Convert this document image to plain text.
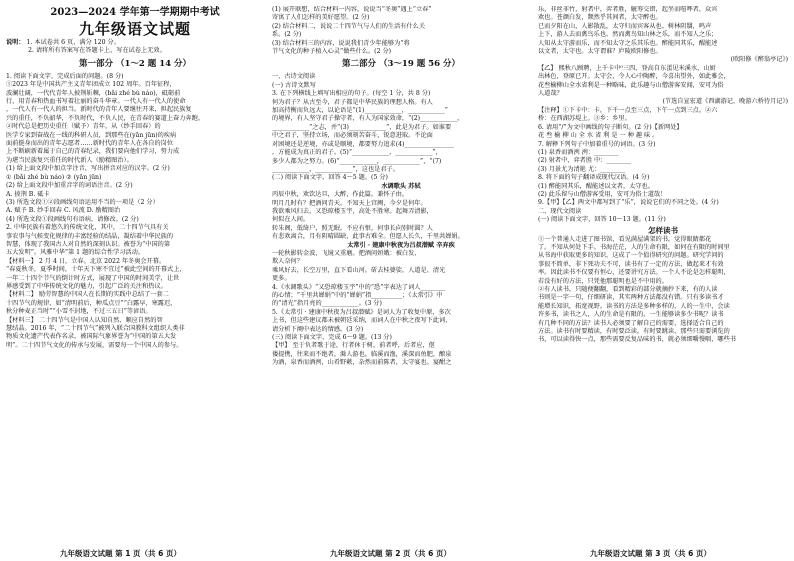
2023—2024 学年第一学期期中考试
九年级语文试题
说明： 1. 本试卷共 6 页，满分 120 分。
2. 请将所有答案写在答题卡上，写在试卷上无效。
第一部分 （1～2 题 14 分）
1. 阅读下面文字，完成后面的问题。(8 分)
①2023 年是中国共产主义青年团成立 102 周年。百年征程，
波澜壮阔，一代代青年人披荆斩棘，(bǎi zhé bù náo)，砥砺前
行，用青春和热血书写着壮丽的奋斗华章。一代人有一代人的使命
，一代人有一代人的担当。新时代的青年人要继往开来，担起民族复
兴的重任，不负韶华，不负时代，不负人民，在青春的赛道上奋力奔跑。
②时代总是把历史重任（赋予）青年，从（纱手回春）的
医学专家到奋战在一线的科研人员，到那些在(yān jūn)的疾病
面前挺身而出的青年志愿者……新时代的青年人在各自的岗位
上不断刷新着属于自己的青春纪录，我们要向他们学习，努力成
为堪当民族复兴重任的时代新人（励精图治）。
(1) 给上面文段中加点字注音，写出拼音对应的汉字。(2 分)
① (bǎi zhé bù náo) ② (yān jūn)
(2) 给上面文段中加重音字的词语注音。(2 分)
A. 披荆 B. 砥卡
(3) 所选文段①②段画线句语运用不当的一项是（2 分）
A. 赋予 B. 纱手回春 C. 风流 D. 励精图治
(4) 所选文段①段画线句有语病，请修改。(2 分)
2. 中华民族有着悠久的传统文化，其中，二十四节气具有关
事农事与气候变化规律的丰富经验的结晶，凝结着中华民族的
智慧，体现了我国古人对自然的深刻认识。被誉为“中国的第
五大发明”。风雅中华”第 1 题的综合性学习活动。
【材料一】 2 月 4 日，立春。北京 2022 年冬奥会开幕。
“春夏秋冬，夏季时间，十年天下寒不宜过”被此空间的开幕式上，
一年二十四个节气的倒计时方式，展现了中国的时间美学，让世
界感受到了中华传统文化的魅力，引起广泛的关注和热议。
【材料二】 励劳智慧的中国人在长期的实践中总结了一套二
十四节气的规律，如“清明前后，种瓜点豆”“白露早，寒露迟，
秋分种麦正当时”“小雪不封地，不过三五日”等谚语。
【材料三】 二十四节气是中国人认知自然、顺应自然的智
慧结晶。2016 年，“二十四节气”被列入联合国教科文组织人类非
物质文化遗产代表作名录，被国际气象界誉为“中国的第五大发
明”。二十四节气文化的传承与发展，需要每一个中国人的参与。
(1) 展开联想，结合材料一内容，说说当“冬奥”遇上“立春”
寄寓了人们怎样的美好愿望。(2 分)
(2) 结合材料二，说说二十四节气与人们的生活有什么关
系。(2 分)
(3) 结合材料三的内容，说说我们青少年能够为“将
节气文化的种子植入心灵”做些什么。(2 分)
第二部分 （3～19 题 56 分）
一、古诗文阅读
(一) 古诗文默写
3. 在下列横线上填写出相应的句子。(每空 1 分，共 8 分)
何为君子？从古至今，君子都是中华民族的理想人格。有人
加高持衡而负远大，以论语是“(1)____________，____________”
的境界，有人坚守君子操守者，有人为国家效命，“(2)____________，
____________”之志，并“(3)____________”，此是为君子。如谁要
中之君子，坚持立场，而必须刻苦奋斗，锐意进取。不论面
对困境还是逆境，亦或是顺境，都要努力追求(4)________________
，方能成为真正的君子。(5)“____________，____________”，
多少人都为之努力。(6)“____________，____________”，“(7)
____________，____________”，这也是君子。
(二) 阅读下面文字，回答 4～5 题。(5 分)
水调歌头 苏轼
丙辰中秋，欢饮达旦，大醉，作此篇，兼怀子由。
明月几时有？把酒问青天。不知天上宫阙，今夕是何年。
我欲乘风归去，又恐琼楼玉宇，高处不胜寒。起舞弄清影，
何似在人间。
转朱阁，低绮户，照无眠。不应有恨，何事长向别时圆？人
有悲欢离合，月有阴晴圆缺，此事古难全。但愿人长久，千里共婵娟。
太常引 · 建康中秋夜为吕叔潜赋 辛弃疾
一轮秋影转金波，飞镜又重磨。把酒问姮娥：被白发、
欺人奈何？
乘风好去，长空万里，直下看山河。斫去桂婆娑，人道是、清光
更多。
4.《水调歌头》“又恐琼楼玉宇”中的“恐”字表达了词人________
的心情；“千里共婵娟”中的“婵娟”指__________；《太常引》中
的“清光”指月亮的____________。(3 分)
5.《太常引 · 建康中秋夜为吕叔潜赋》是词人为了收复中原，多次
上书，但这些建议都未被朝廷采纳，而词人在中秋之夜写下此词，
请分析下阕中表达的情感。(3 分)
(三) 阅读下面文字，完成 6～9 题。(13 分)
【甲】 至于负者歌于途，行者休于树，前者呼，后者应，伛
偻提携，往来而不绝者，滁人游也。临溪而渔，溪深而鱼肥，酿泉
为酒，泉香而酒洌，山肴野蔌，杂然而前陈者，太守宴也。宴酣之
乐，非丝非竹，射者中，弈者胜，觥筹交错，起坐而喧哗者，众宾
欢也。苍颜白发，颓然乎其间者，太守醉也。
已而夕阳在山，人影散乱，太守归而宾客从也。树林阴翳，鸣声
上下，游人去而禽鸟乐也。然而禽鸟知山林之乐，而不知人之乐；
人知从太守游而乐，而不知太守之乐其乐也。醉能同其乐，醒能述
以文者，太守也。太守谓谁？庐陵欧阳修也。
(欧阳修《醉翁亭记》)
【乙】 熙秋八顾聘，上千卡中⁰三四，登高自东蛋见米溪水，山厨
出林色，登原已开。太守会，令人心中陶醉，今喜出望外，如此雅会，
花叁榆柳山全水省利是一种略味，此乐趣与山僧游客安闻，安可为俗
人道哉？
(节选自宣宏道《西湖游记，晚游六桥待月记》)
【注释】①下卡中：卡，下千一点至三点，下午一点到三点。②六
桥：在西湖苏堤上。③乡：乡里。
6. 请用“/”为文中画线的句子断句。(2 分)【新网处】
花 叁 榆 柳 山 全 水 省 利 是 一 种 趣 味 。
7. 解释下列句子中加着重号的词语。(3 分)
(1) 泉香而酒洌 洌：________
(2) 射者中，弈者胜 中：________
(3) 月景尤为清艳 尤：________
8. 将下面的句子翻译成现代汉语。(4 分)
(1) 醉能同其乐，醒能述以文者，太守也。
(2) 此乐留与山僧游客受用，安可为俗士道哉！
9.【甲】【乙】两文中都写到了“乐”，说说它们的不同之处。(4 分)
二、现代文阅读
(一) 阅读下面文字，回答 10～13 题。(11 分)
怎样读书
①一个普通人走进了图书馆，看见满屋满架的书，觉得眼睛都花
了。不知从何处下手。书海茫茫，人的生命有限，如何在有限的时间里
从书海中获取更多的知识，这成了一个值得研究的问题。研究学问的
事很不简单，非下死功夫不可，读书有了一定的方法，做起来才有效
率。因此读书不仅要有恒心，还要讲究方法。一个人不论是怎样聪明，
若没有好的方法，只凭他那聪明也是不中用的。
②有人读书，只随便翻翻，看到精彩的部分就摘抄下来，有的人读
书则是一字一句，仔细研读，其实两种方法都没有错。只有多读书才
能增长知识，拓宽视野。读书的方法是多种多样的，人的一生中，会读
许多书，读书之人，人的生命是有限的，一生能够读多少书呢？读书
有几种不同的方法？读书人必须要了解自己的需要，选择适合自己的
方法。读书有时要精读，有时要泛读，有时要跳读，那些只需要浏览的
书，可以读得快一点，那些需要反复品味的书，就必须细嚼慢咽，哪些书
九年级语文试题 第 1 页（共 6 页）	九年级语文试题 第 2 页（共 6 页）	九年级语文试题 第 3 页（共 6 页）
